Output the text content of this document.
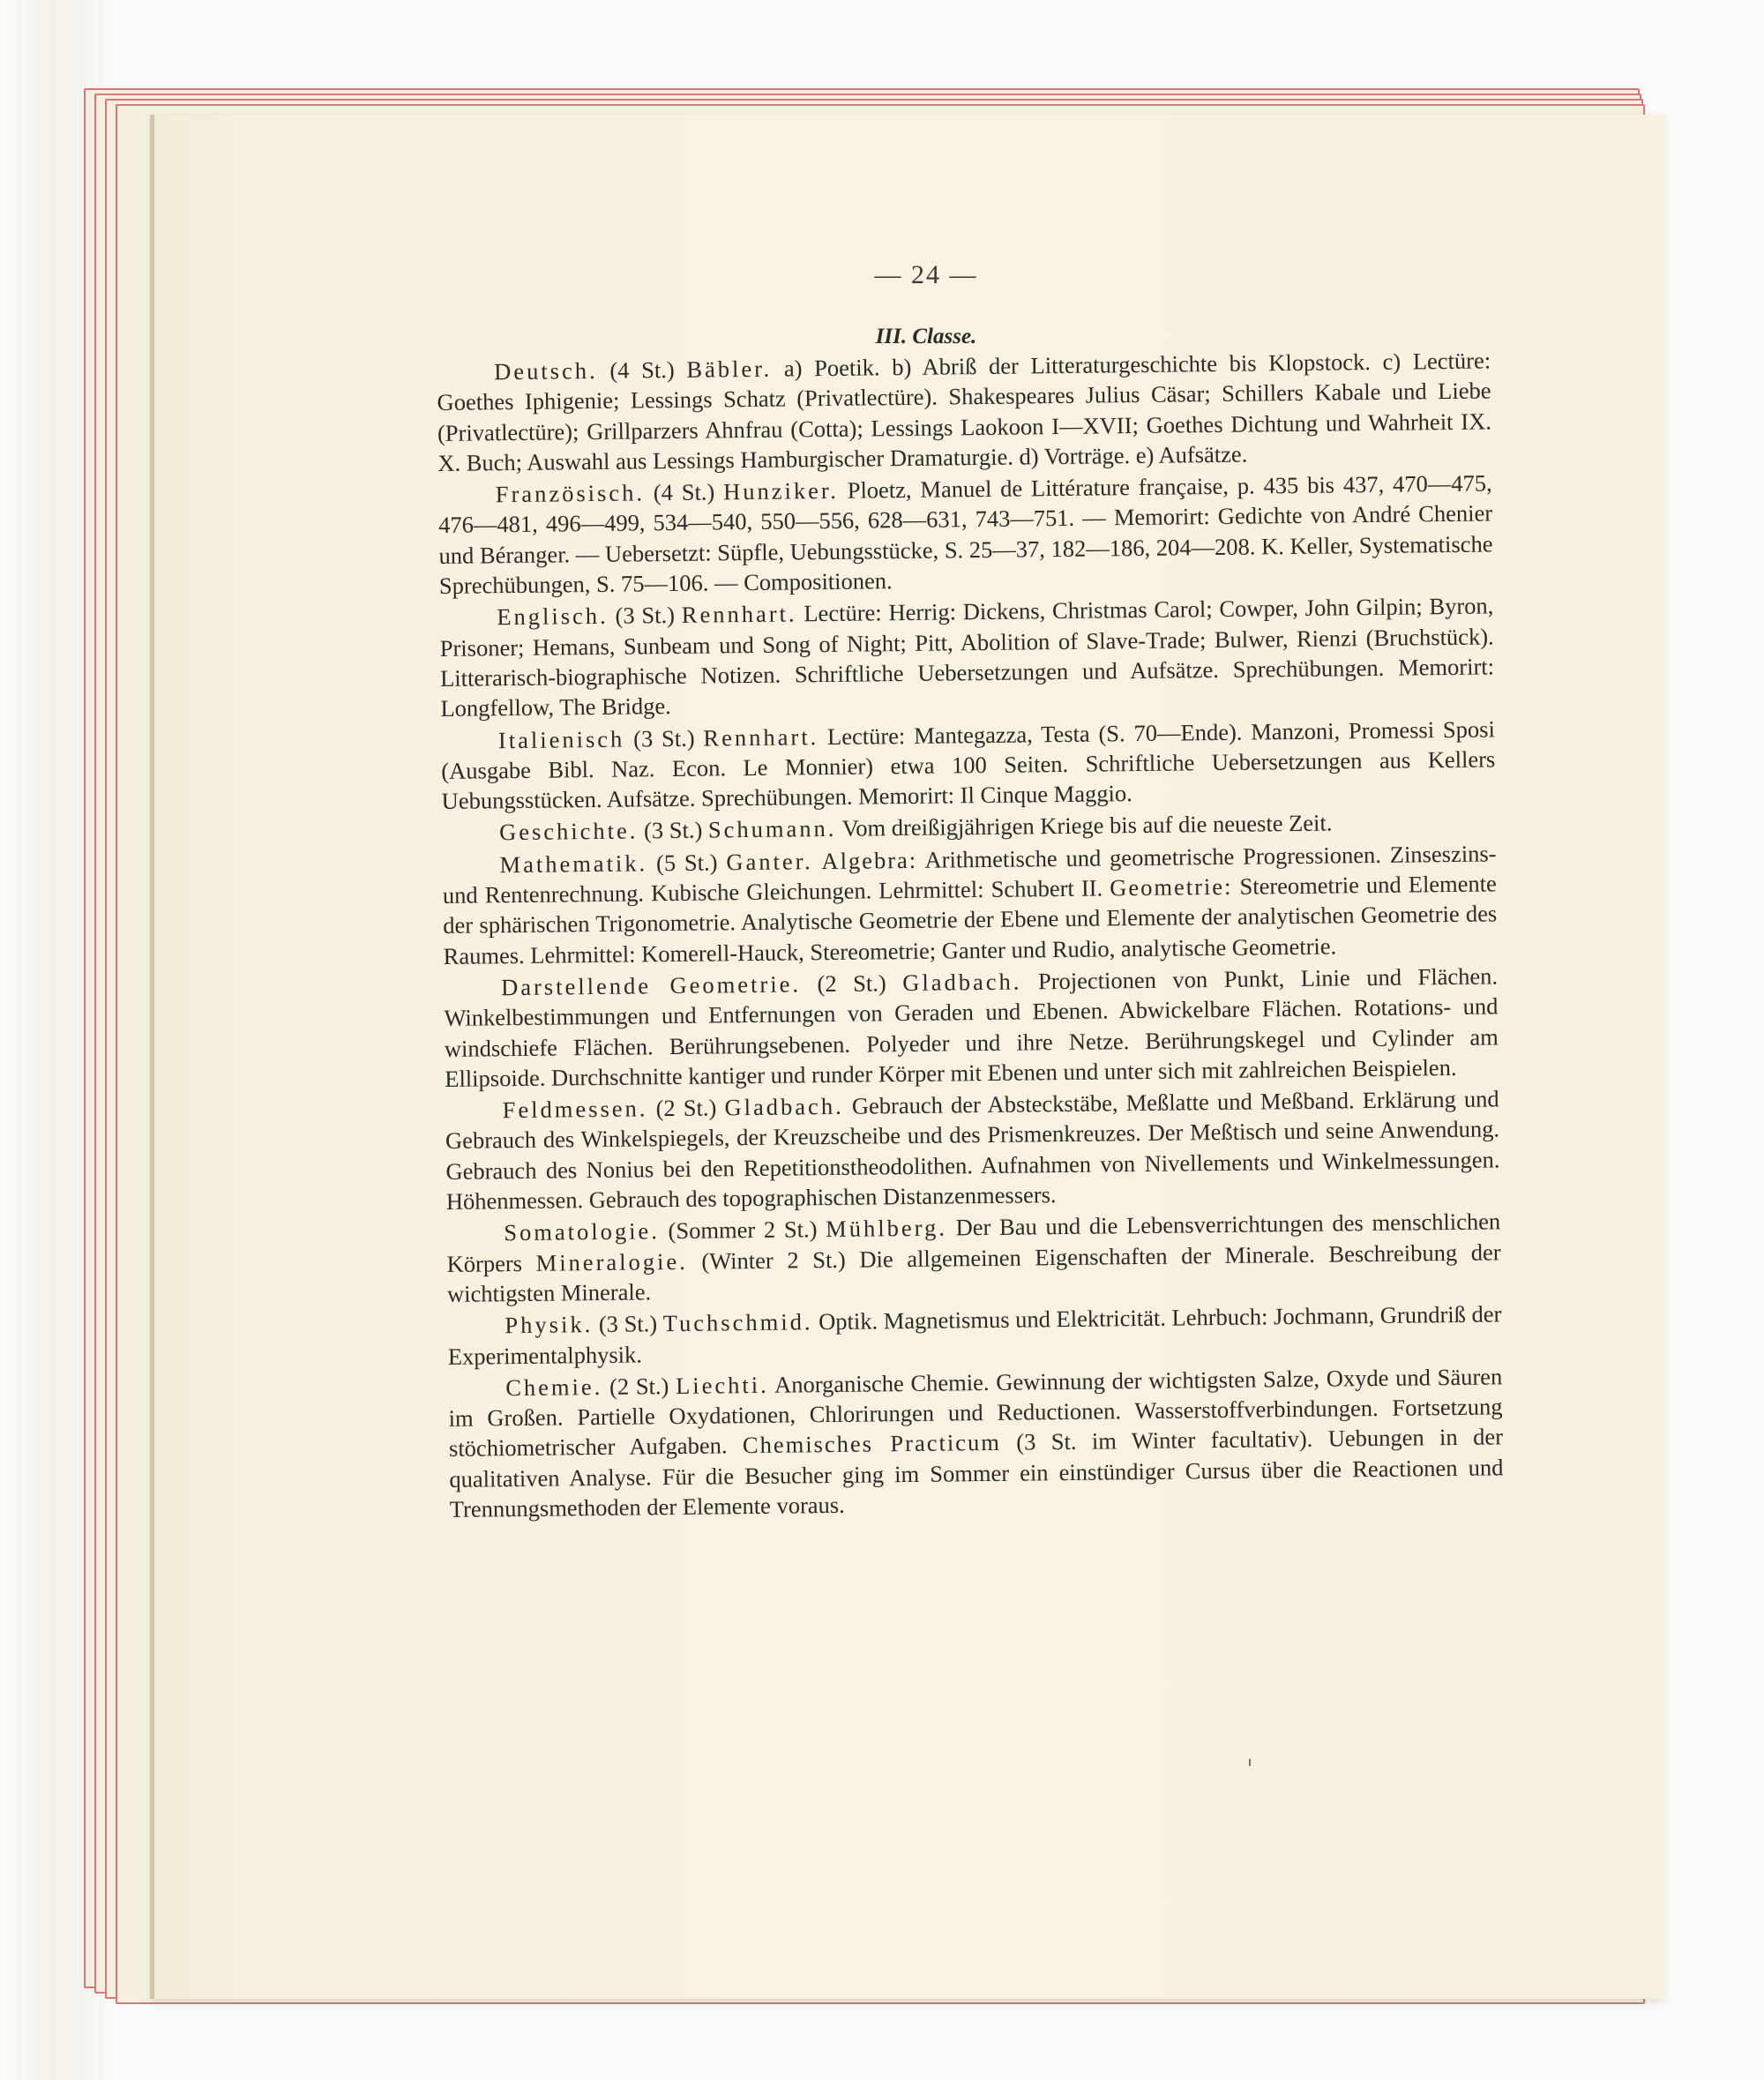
— 24 —
III. Classe.

Deutsch. (4 St.) Bäbler. a) Poetik. b) Abriß der Litteraturgeschichte bis Klopstock. c) Lectüre: Goethes Iphigenie; Lessings Schatz (Privatlectüre). Shakespeares Julius Cäsar; Schillers Kabale und Liebe (Privatlectüre); Grillparzers Ahnfrau (Cotta); Lessings Laokoon I—XVII; Goethes Dichtung und Wahrheit IX. X. Buch; Auswahl aus Lessings Hamburgischer Dramaturgie. d) Vorträge. e) Aufsätze.

Französisch. (4 St.) Hunziker. Ploetz, Manuel de Littérature française, p. 435 bis 437, 470—475, 476—481, 496—499, 534—540, 550—556, 628—631, 743—751. — Memorirt: Gedichte von André Chenier und Béranger. — Uebersetzt: Süpfle, Uebungsstücke, S. 25—37, 182—186, 204—208. K. Keller, Systematische Sprechübungen, S. 75—106. — Compositionen.

Englisch. (3 St.) Rennhart. Lectüre: Herrig: Dickens, Christmas Carol; Cowper, John Gilpin; Byron, Prisoner; Hemans, Sunbeam und Song of Night; Pitt, Abolition of Slave-Trade; Bulwer, Rienzi (Bruchstück). Litterarisch-biographische Notizen. Schriftliche Uebersetzungen und Aufsätze. Sprechübungen. Memorirt: Longfellow, The Bridge.

Italienisch (3 St.) Rennhart. Lectüre: Mantegazza, Testa (S. 70—Ende). Manzoni, Promessi Sposi (Ausgabe Bibl. Naz. Econ. Le Monnier) etwa 100 Seiten. Schriftliche Uebersetzungen aus Kellers Uebungsstücken. Aufsätze. Sprechübungen. Memorirt: Il Cinque Maggio.

Geschichte. (3 St.) Schumann. Vom dreißigjährigen Kriege bis auf die neueste Zeit.

Mathematik. (5 St.) Ganter. Algebra: Arithmetische und geometrische Progressionen. Zinseszins- und Rentenrechnung. Kubische Gleichungen. Lehrmittel: Schubert II. Geometrie: Stereometrie und Elemente der sphärischen Trigonometrie. Analytische Geometrie der Ebene und Elemente der analytischen Geometrie des Raumes. Lehrmittel: Komerell-Hauck, Stereometrie; Ganter und Rudio, analytische Geometrie.

Darstellende Geometrie. (2 St.) Gladbach. Projectionen von Punkt, Linie und Flächen. Winkelbestimmungen und Entfernungen von Geraden und Ebenen. Abwickelbare Flächen. Rotations- und windschiefe Flächen. Berührungsebenen. Polyeder und ihre Netze. Berührungskegel und Cylinder am Ellipsoide. Durchschnitte kantiger und runder Körper mit Ebenen und unter sich mit zahlreichen Beispielen.

Feldmessen. (2 St.) Gladbach. Gebrauch der Absteckstäbe, Meßlatte und Meßband. Erklärung und Gebrauch des Winkelspiegels, der Kreuzscheibe und des Prismenkreuzes. Der Meßtisch und seine Anwendung. Gebrauch des Nonius bei den Repetitionstheodolithen. Aufnahmen von Nivellements und Winkelmessungen. Höhenmessen. Gebrauch des topographischen Distanzenmessers.

Somatologie. (Sommer 2 St.) Mühlberg. Der Bau und die Lebensverrichtungen des menschlichen Körpers Mineralogie. (Winter 2 St.) Die allgemeinen Eigenschaften der Minerale. Beschreibung der wichtigsten Minerale.

Physik. (3 St.) Tuchschmid. Optik. Magnetismus und Elektricität. Lehrbuch: Jochmann, Grundriß der Experimentalphysik.

Chemie. (2 St.) Liechti. Anorganische Chemie. Gewinnung der wichtigsten Salze, Oxyde und Säuren im Großen. Partielle Oxydationen, Chlorirungen und Reductionen. Wasserstoffverbindungen. Fortsetzung stöchiometrischer Aufgaben. Chemisches Practicum (3 St. im Winter facultativ). Uebungen in der qualitativen Analyse. Für die Besucher ging im Sommer ein einstündiger Cursus über die Reactionen und Trennungsmethoden der Elemente voraus.
